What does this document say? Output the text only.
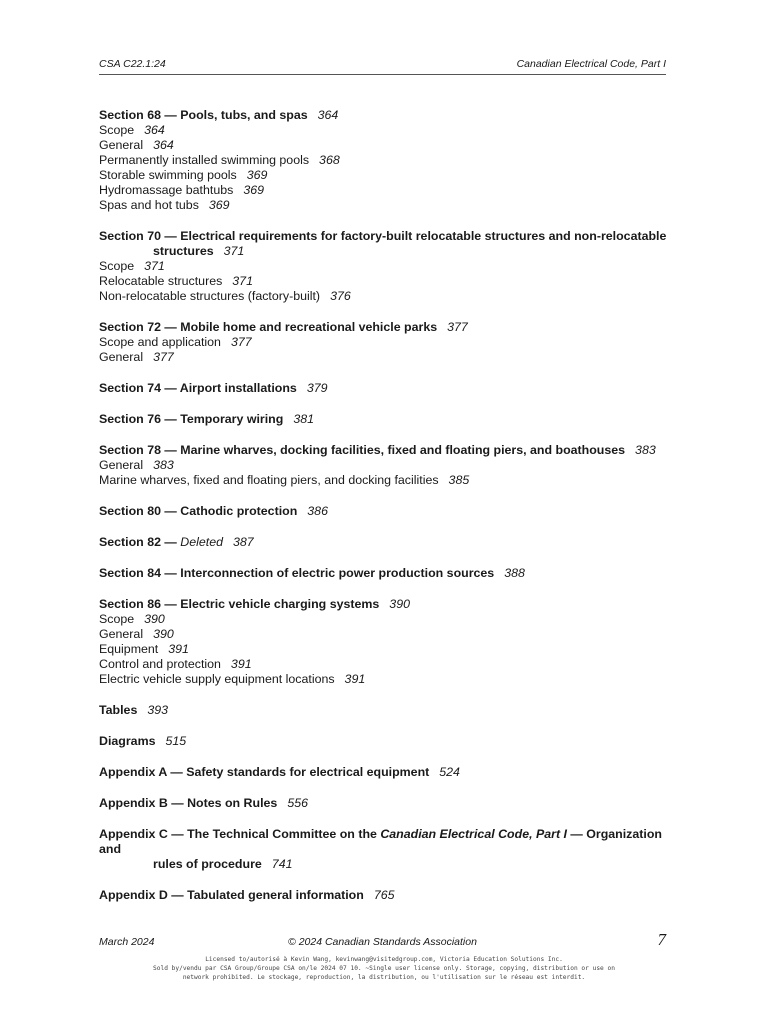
CSA C22.1:24	Canadian Electrical Code, Part I
Section 68 — Pools, tubs, and spas 364
Scope 364
General 364
Permanently installed swimming pools 368
Storable swimming pools 369
Hydromassage bathtubs 369
Spas and hot tubs 369
Section 70 — Electrical requirements for factory-built relocatable structures and non-relocatable
structures 371
Scope 371
Relocatable structures 371
Non-relocatable structures (factory-built) 376
Section 72 — Mobile home and recreational vehicle parks 377
Scope and application 377
General 377
Section 74 — Airport installations 379
Section 76 — Temporary wiring 381
Section 78 — Marine wharves, docking facilities, fixed and floating piers, and boathouses 383
General 383
Marine wharves, fixed and floating piers, and docking facilities 385
Section 80 — Cathodic protection 386
Section 82 — Deleted 387
Section 84 — Interconnection of electric power production sources 388
Section 86 — Electric vehicle charging systems 390
Scope 390
General 390
Equipment 391
Control and protection 391
Electric vehicle supply equipment locations 391
Tables 393
Diagrams 515
Appendix A — Safety standards for electrical equipment 524
Appendix B — Notes on Rules 556
Appendix C — The Technical Committee on the Canadian Electrical Code, Part I — Organization and
rules of procedure 741
Appendix D — Tabulated general information 765
March 2024	© 2024 Canadian Standards Association	7
Licensed to/autorisé à Kevin Wang, kevinwang@visitedgroup.com, Victoria Education Solutions Inc.
Sold by/vendu par CSA Group/Groupe CSA on/le 2024 07 10. ~Single user license only. Storage, copying, distribution or use on
network prohibited. Le stockage, reproduction, la distribution, ou l'utilisation sur le réseau est interdit.
